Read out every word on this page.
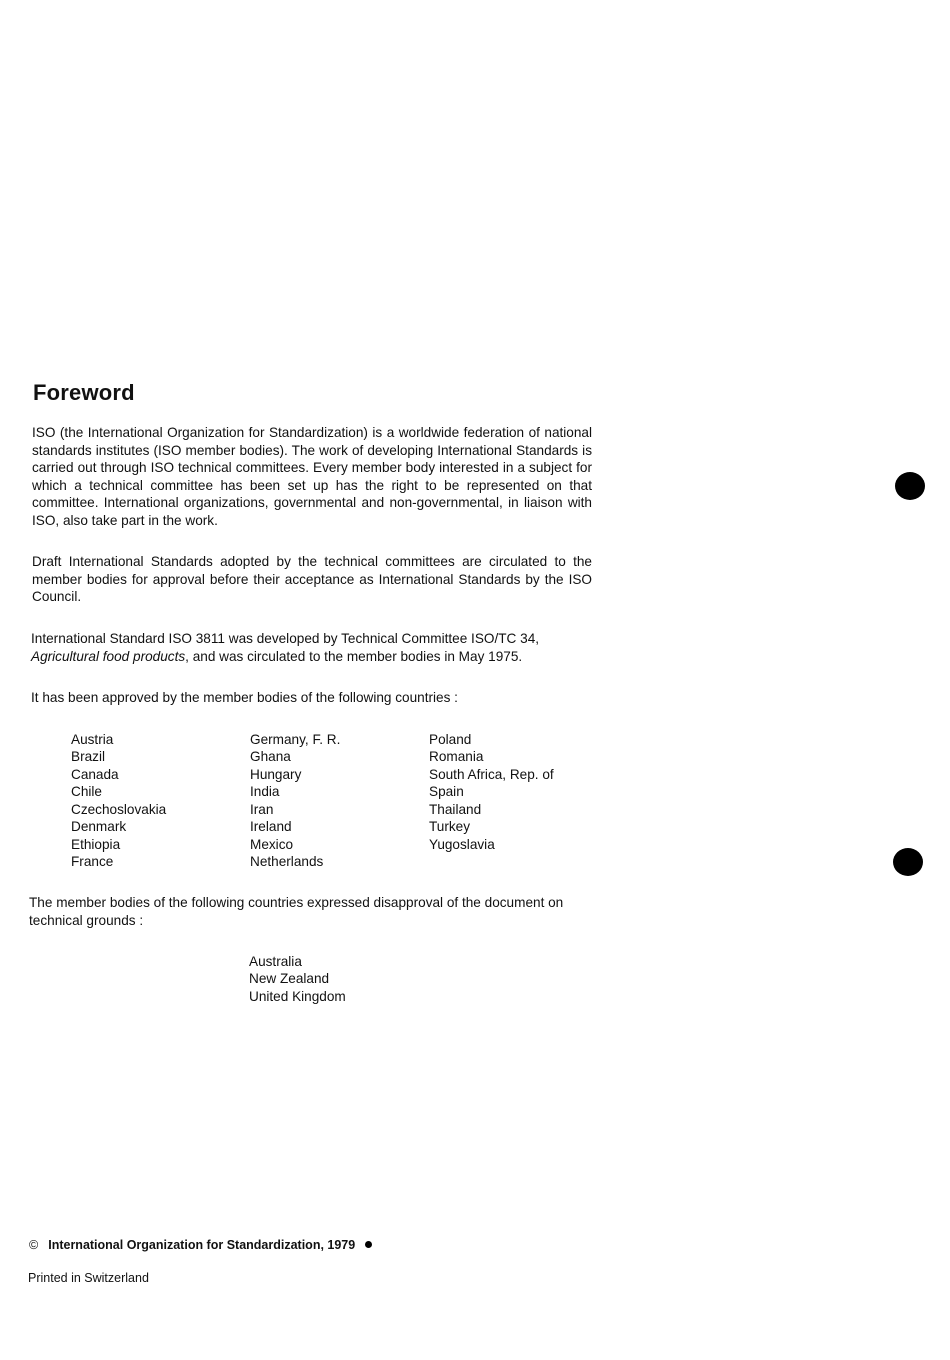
Foreword

ISO (the International Organization for Standardization) is a worldwide federation of national standards institutes (ISO member bodies). The work of developing International Standards is carried out through ISO technical committees. Every member body interested in a subject for which a technical committee has been set up has the right to be represented on that committee. International organizations, governmental and non-governmental, in liaison with ISO, also take part in the work.

Draft International Standards adopted by the technical committees are circulated to the member bodies for approval before their acceptance as International Standards by the ISO Council.

International Standard ISO 3811 was developed by Technical Committee ISO/TC 34,
Agricultural food products, and was circulated to the member bodies in May 1975.

It has been approved by the member bodies of the following countries :

Austria
Brazil
Canada
Chile
Czechoslovakia
Denmark
Ethiopia
France
Germany, F. R.
Ghana
Hungary
India
Iran
Ireland
Mexico
Netherlands
Poland
Romania
South Africa, Rep. of
Spain
Thailand
Turkey
Yugoslavia

The member bodies of the following countries expressed disapproval of the document on technical grounds :

Australia
New Zealand
United Kingdom
© International Organization for Standardization, 1979
Printed in Switzerland
